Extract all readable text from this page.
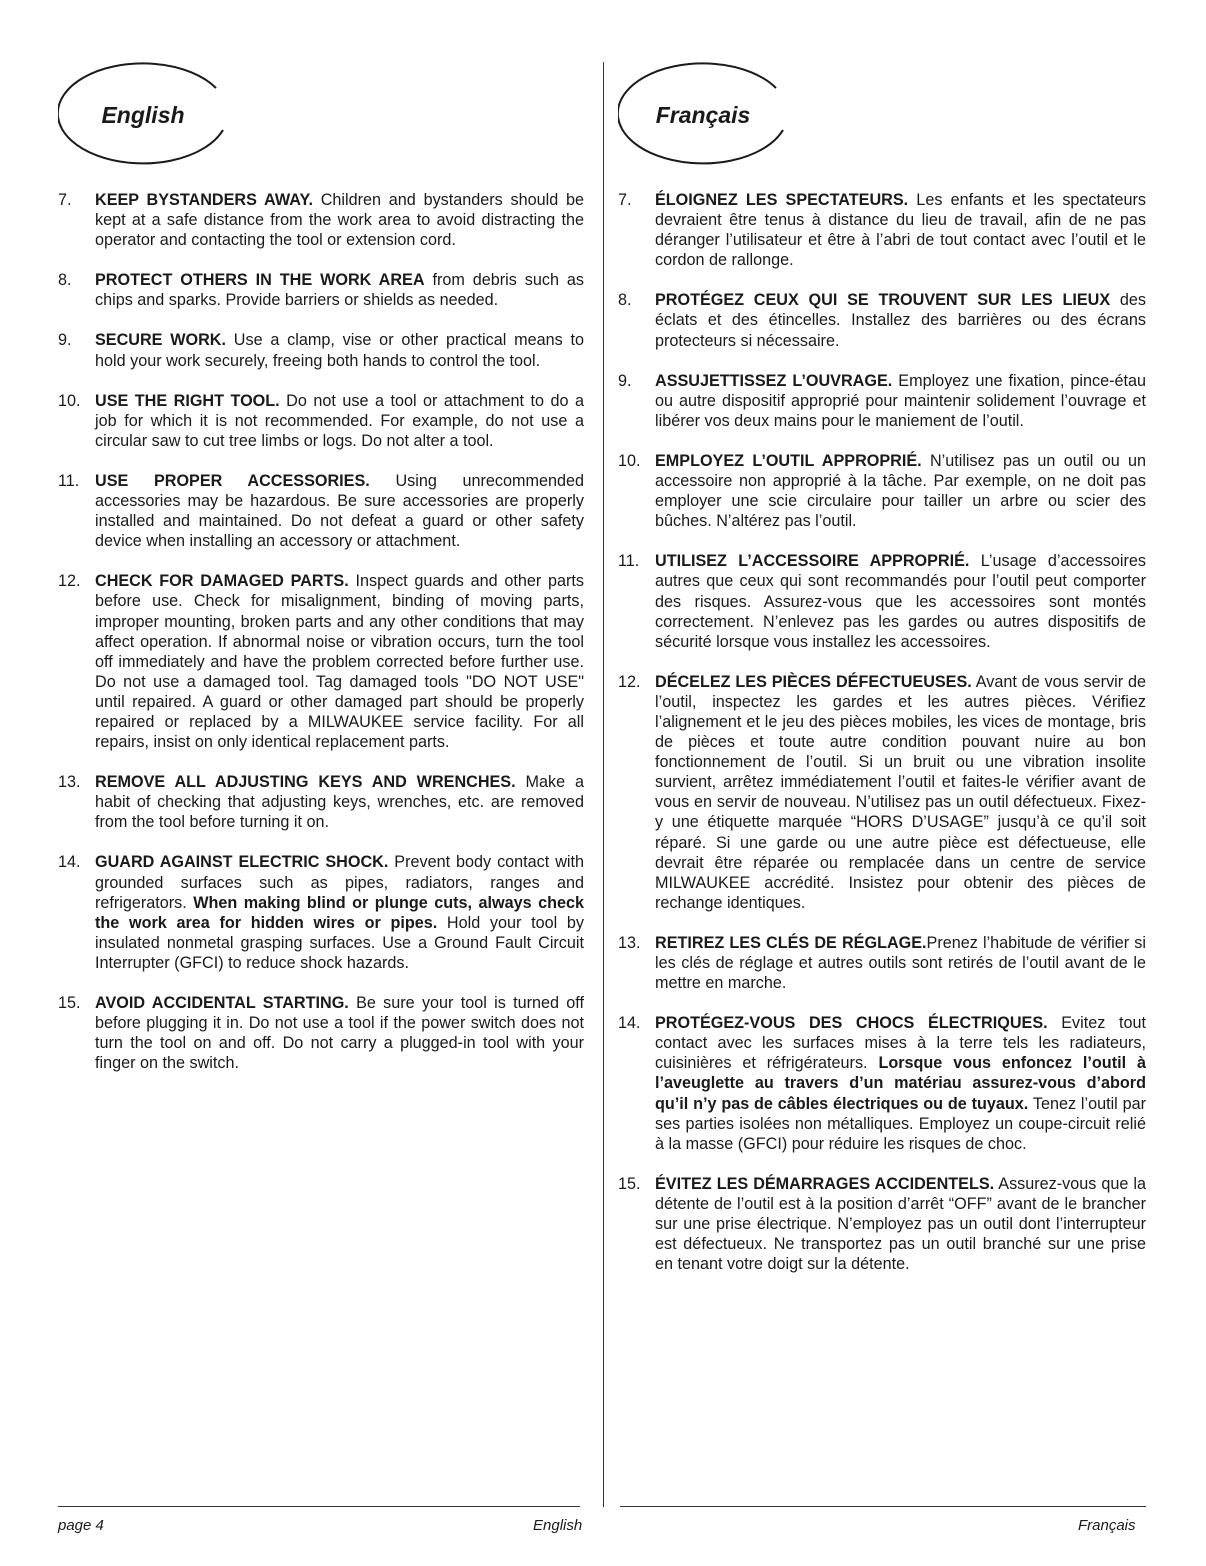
English
7.	KEEP BYSTANDERS AWAY. Children and bystanders should be kept at a safe distance from the work area to avoid distracting the operator and contacting the tool or extension cord.
8.	PROTECT OTHERS IN THE WORK AREA from debris such as chips and sparks. Provide barriers or shields as needed.
9.	SECURE WORK. Use a clamp, vise or other practical means to hold your work securely, freeing both hands to control the tool.
10. USE THE RIGHT TOOL. Do not use a tool or attachment to do a job for which it is not recommended. For example, do not use a circular saw to cut tree limbs or logs. Do not alter a tool.
11. USE PROPER ACCESSORIES. Using unrecommended accessories may be hazardous. Be sure accessories are properly installed and maintained. Do not defeat a guard or other safety device when installing an accessory or attachment.
12. CHECK FOR DAMAGED PARTS. Inspect guards and other parts before use. Check for misalignment, binding of moving parts, improper mounting, broken parts and any other conditions that may affect operation. If abnormal noise or vibration occurs, turn the tool off immediately and have the problem corrected before further use. Do not use a damaged tool. Tag damaged tools "DO NOT USE" until repaired. A guard or other damaged part should be properly repaired or replaced by a MILWAUKEE service facility. For all repairs, insist on only identical replacement parts.
13. REMOVE ALL ADJUSTING KEYS AND WRENCHES. Make a habit of checking that adjusting keys, wrenches, etc. are removed from the tool before turning it on.
14. GUARD AGAINST ELECTRIC SHOCK. Prevent body contact with grounded surfaces such as pipes, radiators, ranges and refrigerators. When making blind or plunge cuts, always check the work area for hidden wires or pipes. Hold your tool by insulated nonmetal grasping surfaces. Use a Ground Fault Circuit Interrupter (GFCI) to reduce shock hazards.
15. AVOID ACCIDENTAL STARTING. Be sure your tool is turned off before plugging it in. Do not use a tool if the power switch does not turn the tool on and off. Do not carry a plugged-in tool with your finger on the switch.
Français
7.	ÉLOIGNEZ LES SPECTATEURS. Les enfants et les spectateurs devraient être tenus à distance du lieu de travail, afin de ne pas déranger l’utilisateur et être à l’abri de tout contact avec l’outil et le cordon de rallonge.
8.	PROTÉGEZ CEUX QUI SE TROUVENT SUR LES LIEUX des éclats et des étincelles. Installez des barrières ou des écrans protecteurs si nécessaire.
9.	ASSUJETTISSEZ L’OUVRAGE. Employez une fixation, pince-étau ou autre dispositif approprié pour maintenir solidement l’ouvrage et libérer vos deux mains pour le maniement de l’outil.
10. EMPLOYEZ L’OUTIL APPROPRIÉ. N’utilisez pas un outil ou un accessoire non approprié à la tâche. Par exemple, on ne doit pas employer une scie circulaire pour tailler un arbre ou scier des bûches. N’altérez pas l’outil.
11. UTILISEZ L’ACCESSOIRE APPROPRIÉ. L’usage d’accessoires autres que ceux qui sont recommandés pour l’outil peut comporter des risques. Assurez-vous que les accessoires sont montés correctement. N’enlevez pas les gardes ou autres dispositifs de sécurité lorsque vous installez les accessoires.
12. DÉCELEZ LES PIÈCES DÉFECTUEUSES. Avant de vous servir de l’outil, inspectez les gardes et les autres pièces. Vérifiez l’alignement et le jeu des pièces mobiles, les vices de montage, bris de pièces et toute autre condition pouvant nuire au bon fonctionnement de l’outil. Si un bruit ou une vibration insolite survient, arrêtez immédiatement l’outil et faites-le vérifier avant de vous en servir de nouveau. N’utilisez pas un outil défectueux. Fixez-y une étiquette marquée “HORS D’USAGE” jusqu’à ce qu’il soit réparé. Si une garde ou une autre pièce est défectueuse, elle devrait être réparée ou remplacée dans un centre de service MILWAUKEE accrédité. Insistez pour obtenir des pièces de rechange identiques.
13. RETIREZ LES CLÉS DE RÉGLAGE.Prenez l’habitude de vérifier si les clés de réglage et autres outils sont retirés de l’outil avant de le mettre en marche.
14. PROTÉGEZ-VOUS DES CHOCS ÉLECTRIQUES. Evitez tout contact avec les surfaces mises à la terre tels les radiateurs, cuisinières et réfrigérateurs. Lorsque vous enfoncez l’outil à l’aveuglette au travers d’un matériau assurez-vous d’abord qu’il n’y pas de câbles électriques ou de tuyaux. Tenez l’outil par ses parties isolées non métalliques. Employez un coupe-circuit relié à la masse (GFCI) pour réduire les risques de choc.
15. ÉVITEZ LES DÉMARRAGES ACCIDENTELS. Assurez-vous que la détente de l’outil est à la position d’arrêt “OFF” avant de le brancher sur une prise électrique. N’employez pas un outil dont l’interrupteur est défectueux. Ne transportez pas un outil branché sur une prise en tenant votre doigt sur la détente.
page 4	English	Français
